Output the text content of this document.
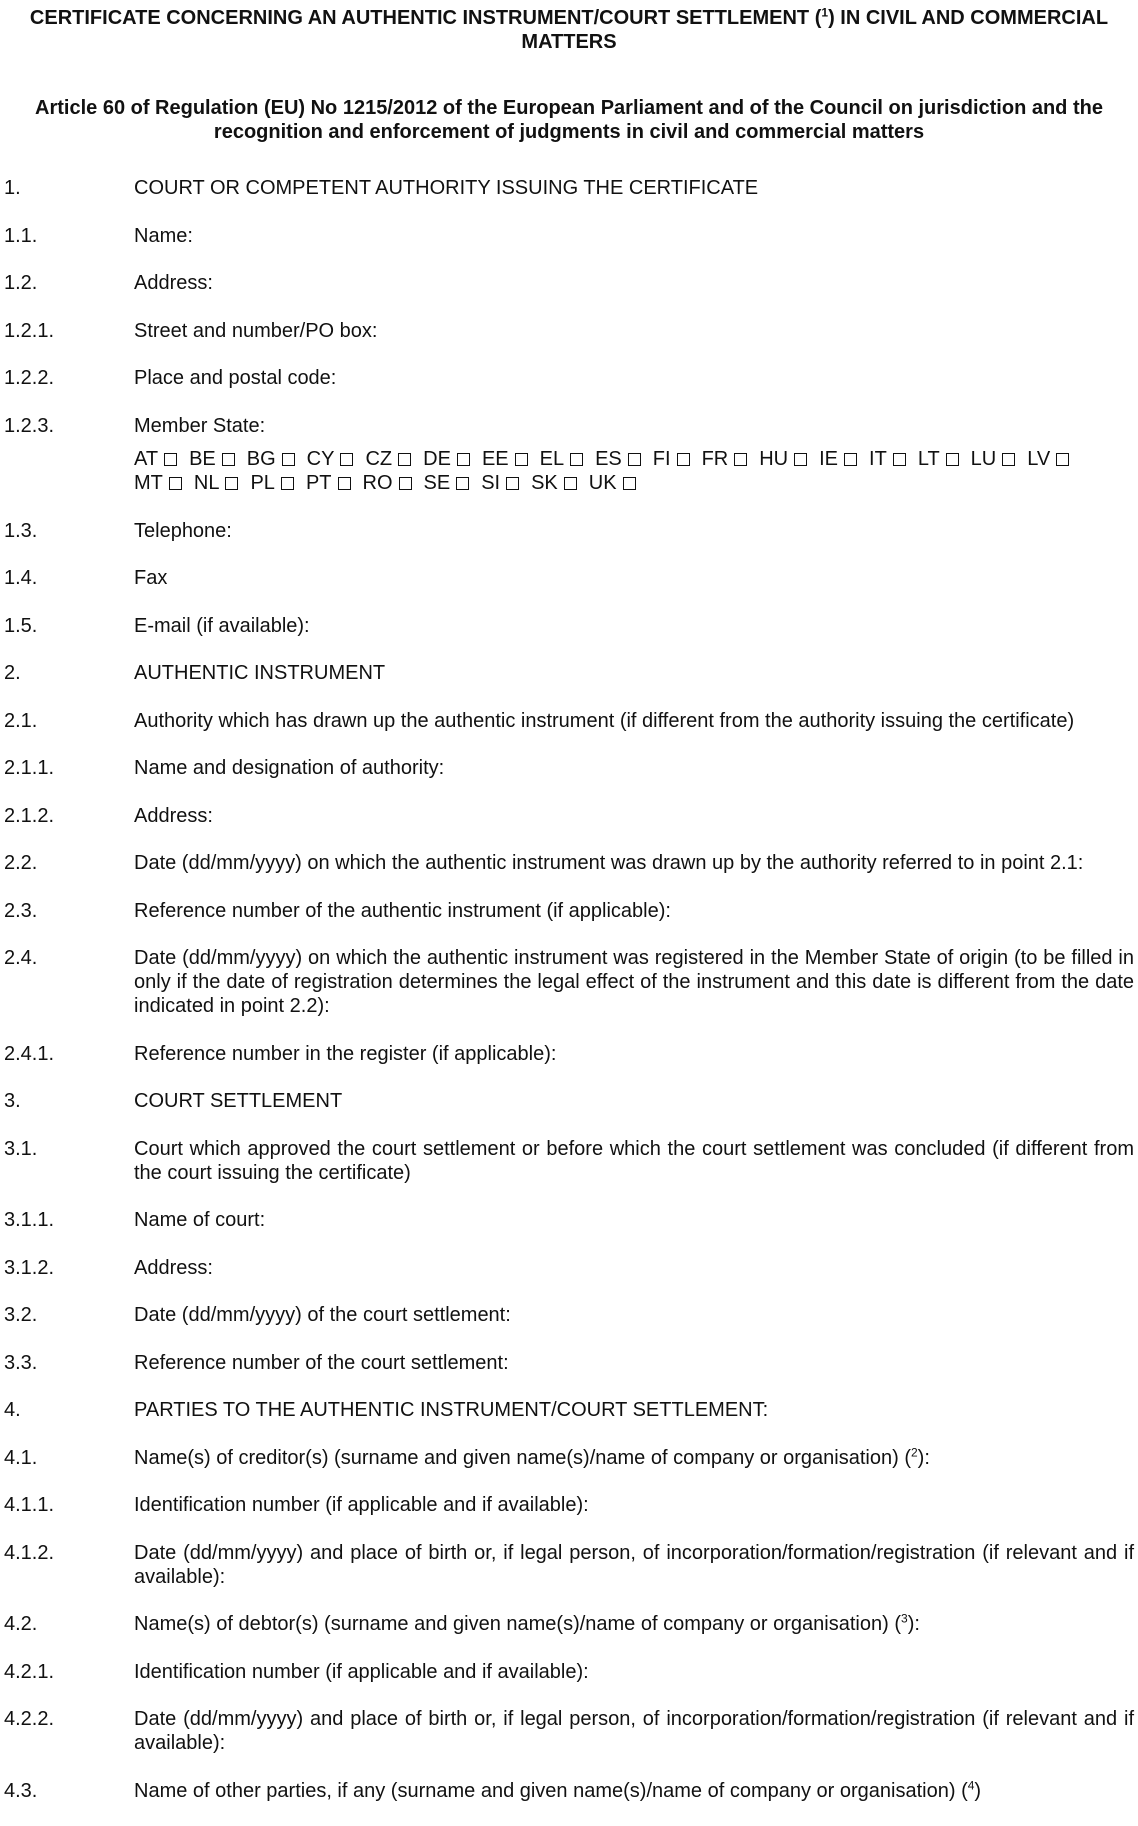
CERTIFICATE CONCERNING AN AUTHENTIC INSTRUMENT/COURT SETTLEMENT ($^1$) IN CIVIL AND COMMERCIAL MATTERS

Article 60 of Regulation (EU) No 1215/2012 of the European Parliament and of the Council on jurisdiction and the recognition and enforcement of judgments in civil and commercial matters

1.	COURT OR COMPETENT AUTHORITY ISSUING THE CERTIFICATE
1.1.	Name:
1.2.	Address:
1.2.1.	Street and number/PO box:
1.2.2.	Place and postal code:
1.2.3.	Member State:
AT BE BG CY CZ DE EE EL ES FI FR HU IE IT LT LU LVMT NL PL PT RO SE SI SK UK
1.3.	Telephone:
1.4.	Fax
1.5.	E-mail (if available):
2.	AUTHENTIC INSTRUMENT
2.1.	Authority which has drawn up the authentic instrument (if different from the authority issuing the certificate)
2.1.1.	Name and designation of authority:
2.1.2.	Address:
2.2.	Date (dd/mm/yyyy) on which the authentic instrument was drawn up by the authority referred to in point 2.1:
2.3.	Reference number of the authentic instrument (if applicable):
2.4.	Date (dd/mm/yyyy) on which the authentic instrument was registered in the Member State of origin (to be filled in only if the date of registration determines the legal effect of the instrument and this date is different from the date indicated in point 2.2):
2.4.1.	Reference number in the register (if applicable):
3.	COURT SETTLEMENT
3.1.	Court which approved the court settlement or before which the court settlement was concluded (if different from the court issuing the certificate)
3.1.1.	Name of court:
3.1.2.	Address:
3.2.	Date (dd/mm/yyyy) of the court settlement:
3.3.	Reference number of the court settlement:
4.	PARTIES TO THE AUTHENTIC INSTRUMENT/COURT SETTLEMENT:
4.1.	Name(s) of creditor(s) (surname and given name(s)/name of company or organisation) ($^2$):
4.1.1.	Identification number (if applicable and if available):
4.1.2.	Date (dd/mm/yyyy) and place of birth or, if legal person, of incorporation/formation/registration (if relevant and if available):
4.2.	Name(s) of debtor(s) (surname and given name(s)/name of company or organisation) ($^3$):
4.2.1.	Identification number (if applicable and if available):
4.2.2.	Date (dd/mm/yyyy) and place of birth or, if legal person, of incorporation/formation/registration (if relevant and if available):
4.3.	Name of other parties, if any (surname and given name(s)/name of company or organisation) ($^4$)
